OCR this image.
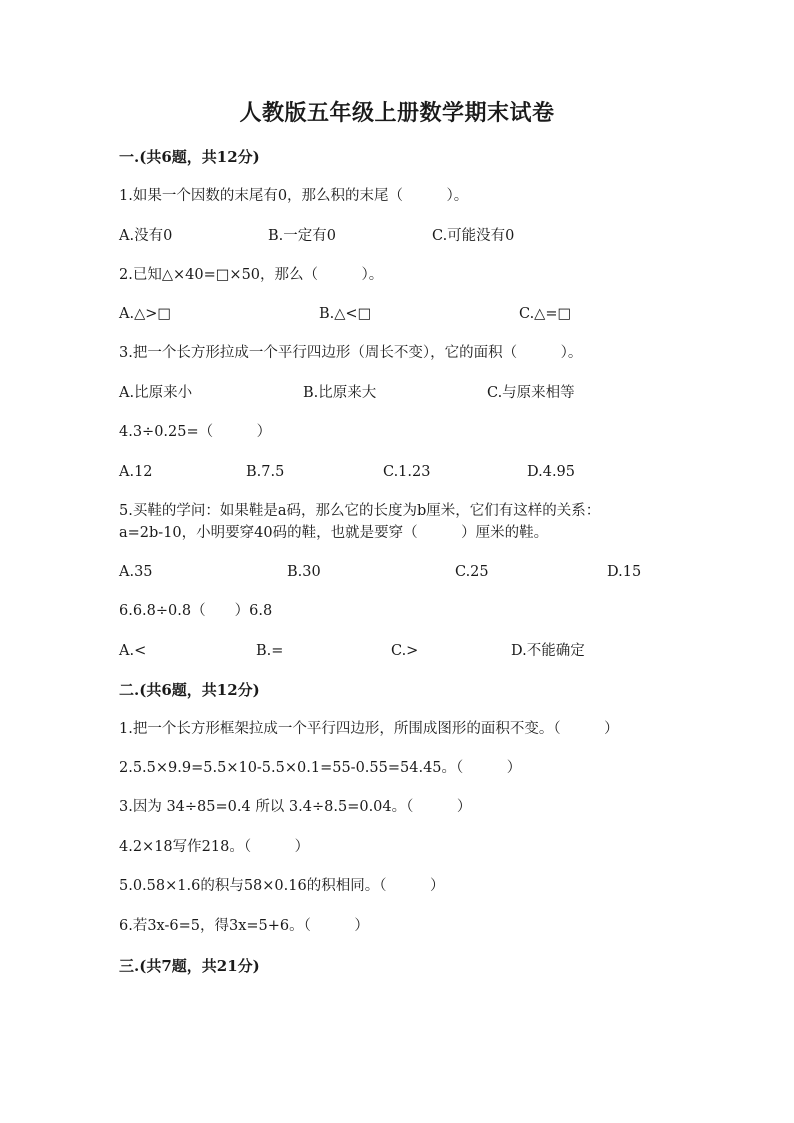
人教版五年级上册数学期末试卷
一.(共6题，共12分)
1.如果一个因数的末尾有0，那么积的末尾（　　　）。
A.没有0	B.一定有0	C.可能没有0
2.已知△×40=□×50，那么（　　　）。
A.△>□	B.△<□	C.△=□
3.把一个长方形拉成一个平行四边形（周长不变），它的面积（　　　）。
A.比原来小	B.比原来大	C.与原来相等
4.3÷0.25=（　　　）
A.12	B.7.5	C.1.23	D.4.95
5.买鞋的学问：如果鞋是a码，那么它的长度为b厘米，它们有这样的关系：
a=2b-10，小明要穿40码的鞋，也就是要穿（　　　）厘米的鞋。
A.35	B.30	C.25	D.15
6.6.8÷0.8（　　）6.8
A.<	B.=	C.>	D.不能确定
二.(共6题，共12分)
1.把一个长方形框架拉成一个平行四边形，所围成图形的面积不变。（　　　）
2.5.5×9.9=5.5×10-5.5×0.1=55-0.55=54.45。（　　　）
3.因为 34÷85=0.4 所以 3.4÷8.5=0.04。（　　　）
4.2×18写作218。（　　　）
5.0.58×1.6的积与58×0.16的积相同。（　　　）
6.若3x-6=5，得3x=5+6。（　　　）
三.(共7题，共21分)
